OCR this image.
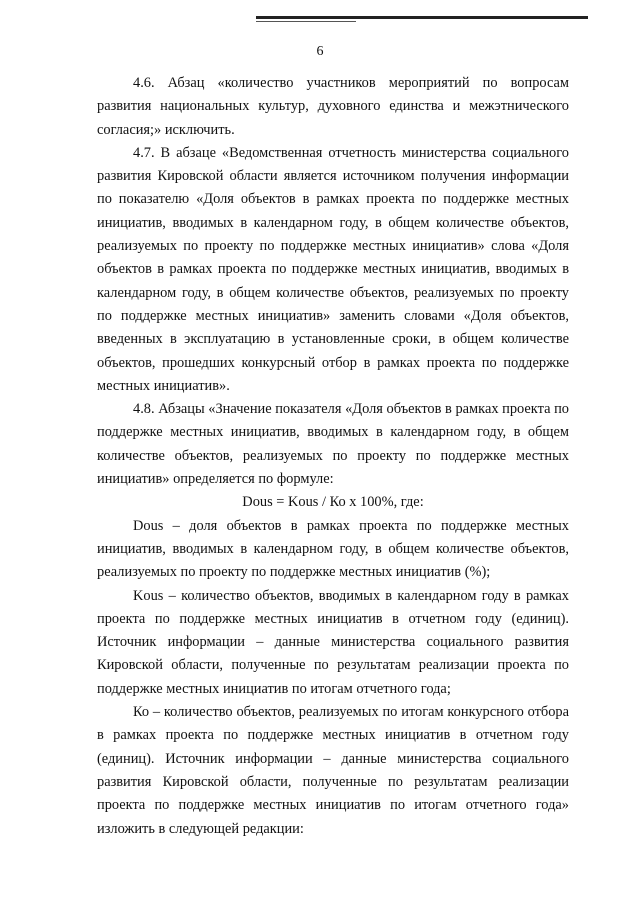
6

4.6. Абзац «количество участников мероприятий по вопросам развития национальных культур, духовного единства и межэтнического согласия;» исключить.

4.7. В абзаце «Ведомственная отчетность министерства социального развития Кировской области является источником получения информации по показателю «Доля объектов в рамках проекта по поддержке местных инициатив, вводимых в календарном году, в общем количестве объектов, реализуемых по проекту по поддержке местных инициатив» слова «Доля объектов в рамках проекта по поддержке местных инициатив, вводимых в календарном году, в общем количестве объектов, реализуемых по проекту по поддержке местных инициатив» заменить словами «Доля объектов, введенных в эксплуатацию в установленные сроки, в общем количестве объектов, прошедших конкурсный отбор в рамках проекта по поддержке местных инициатив».

4.8. Абзацы «Значение показателя «Доля объектов в рамках проекта по поддержке местных инициатив, вводимых в календарном году, в общем количестве объектов, реализуемых по проекту по поддержке местных инициатив» определяется по формуле:

Dous = Kous / Ко х 100%, где:

Dous – доля объектов в рамках проекта по поддержке местных инициатив, вводимых в календарном году, в общем количестве объектов, реализуемых по проекту по поддержке местных инициатив (%);

Kous – количество объектов, вводимых в календарном году в рамках проекта по поддержке местных инициатив в отчетном году (единиц). Источник информации – данные министерства социального развития Кировской области, полученные по результатам реализации проекта по поддержке местных инициатив по итогам отчетного года;

Ко – количество объектов, реализуемых по итогам конкурсного отбора в рамках проекта по поддержке местных инициатив в отчетном году (единиц). Источник информации – данные министерства социального развития Кировской области, полученные по результатам реализации проекта по поддержке местных инициатив по итогам отчетного года» изложить в следующей редакции:
